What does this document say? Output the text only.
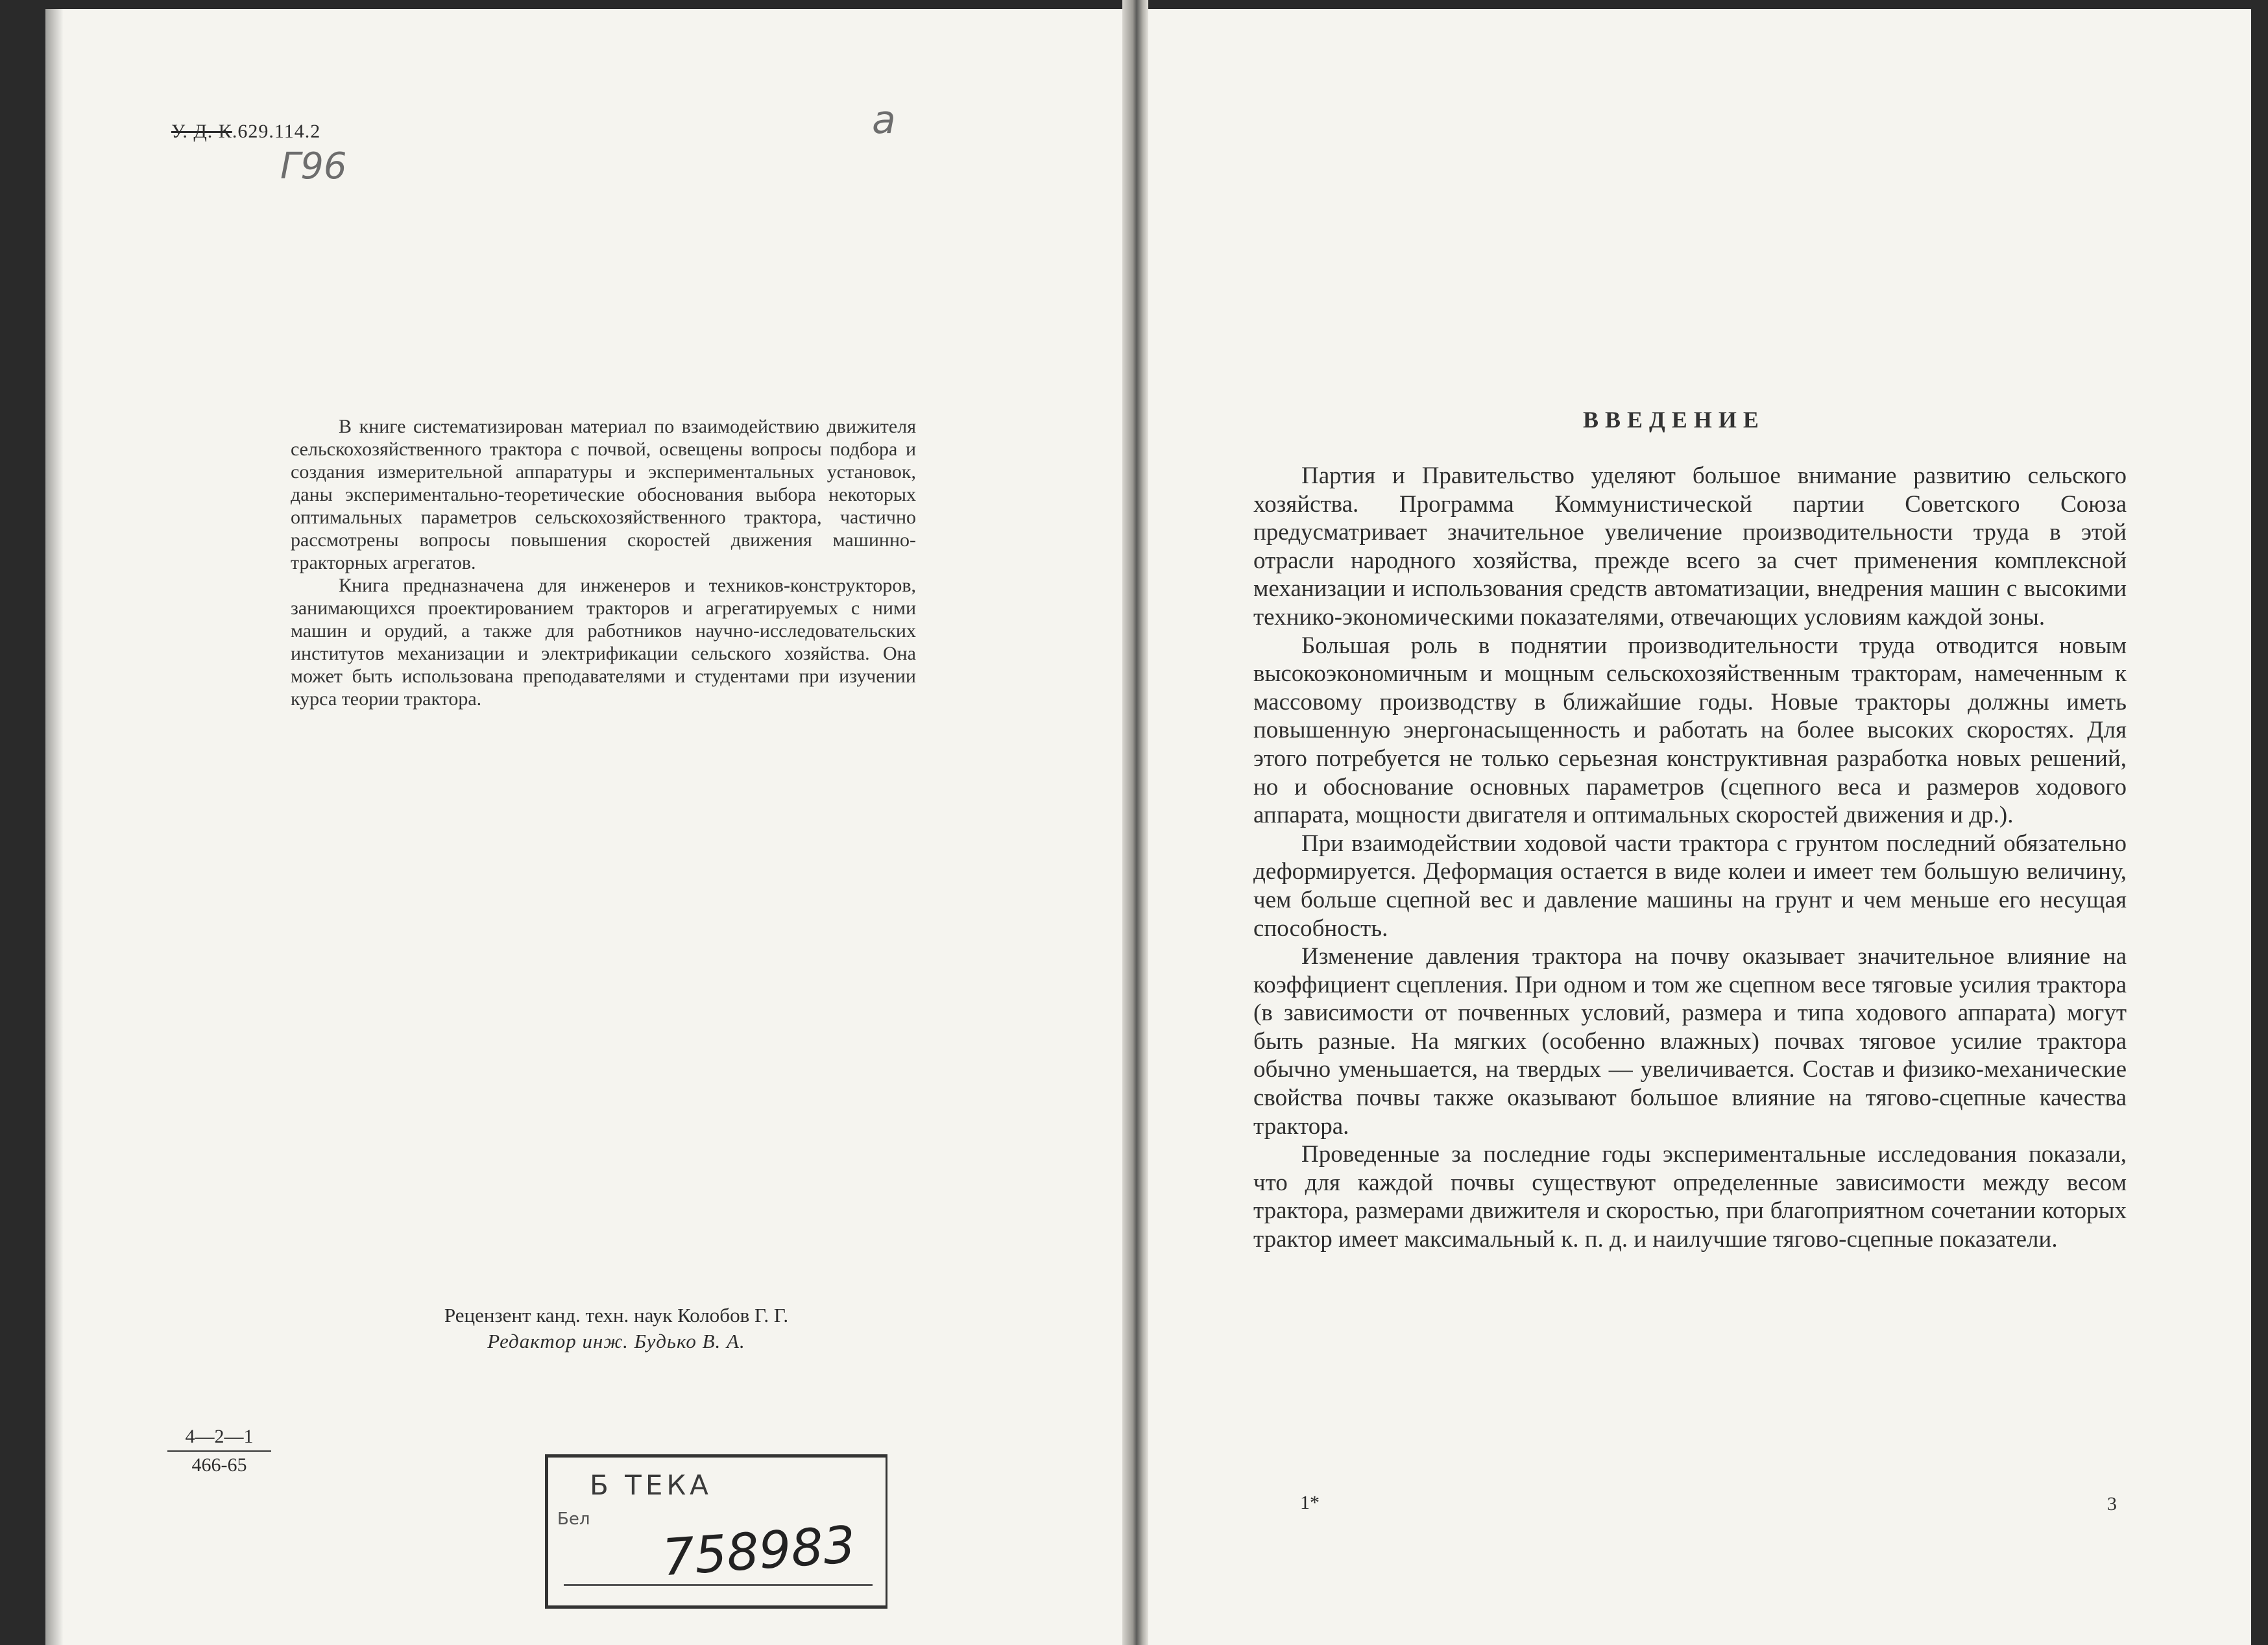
У. Д. К.629.114.2	a
Г96

В книге систематизирован материал по взаимодействию движителя сельскохозяйственного трактора с почвой, освещены вопросы подбора и создания измерительной аппаратуры и экспериментальных установок, даны экспериментально-теоретические обоснования выбора некоторых оптимальных параметров сельскохозяйственного трактора, частично рассмотрены вопросы повышения скоростей движения машинно-тракторных агрегатов.

Книга предназначена для инженеров и техников-конструкторов, занимающихся проектированием тракторов и агрегатируемых с ними машин и орудий, а также для работников научно-исследовательских институтов механизации и электрификации сельского хозяйства. Она может быть использована преподавателями и студентами при изучении курса теории трактора.

Рецензент канд. техн. наук Колобов Г. Г.
Редактор инж. Будько В. А.
$\frac{4—2—1}{466-65}$
Б ТЕКА
Бел 758983
ВВЕДЕНИЕ

Партия и Правительство уделяют большое внимание развитию сельского хозяйства. Программа Коммунистической партии Советского Союза предусматривает значительное увеличение производительности труда в этой отрасли народного хозяйства, прежде всего за счет применения комплексной механизации и использования средств автоматизации, внедрения машин с высокими технико-экономическими показателями, отвечающих условиям каждой зоны.

Большая роль в поднятии производительности труда отводится новым высокоэкономичным и мощным сельскохозяйственным тракторам, намеченным к массовому производству в ближайшие годы. Новые тракторы должны иметь повышенную энергонасыщенность и работать на более высоких скоростях. Для этого потребуется не только серьезная конструктивная разработка новых решений, но и обоснование основных параметров (сцепного веса и размеров ходового аппарата, мощности двигателя и оптимальных скоростей движения и др.).

При взаимодействии ходовой части трактора с грунтом последний обязательно деформируется. Деформация остается в виде колеи и имеет тем большую величину, чем больше сцепной вес и давление машины на грунт и чем меньше его несущая способность.

Изменение давления трактора на почву оказывает значительное влияние на коэффициент сцепления. При одном и том же сцепном весе тяговые усилия трактора (в зависимости от почвенных условий, размера и типа ходового аппарата) могут быть разные. На мягких (особенно влажных) почвах тяговое усилие трактора обычно уменьшается, на твердых — увеличивается. Состав и физико-механические свойства почвы также оказывают большое влияние на тягово-сцепные качества трактора.

Проведенные за последние годы экспериментальные исследования показали, что для каждой почвы существуют определенные зависимости между весом трактора, размерами движителя и скоростью, при благоприятном сочетании которых трактор имеет максимальный к. п. д. и наилучшие тягово-сцепные показатели.

1*	3
